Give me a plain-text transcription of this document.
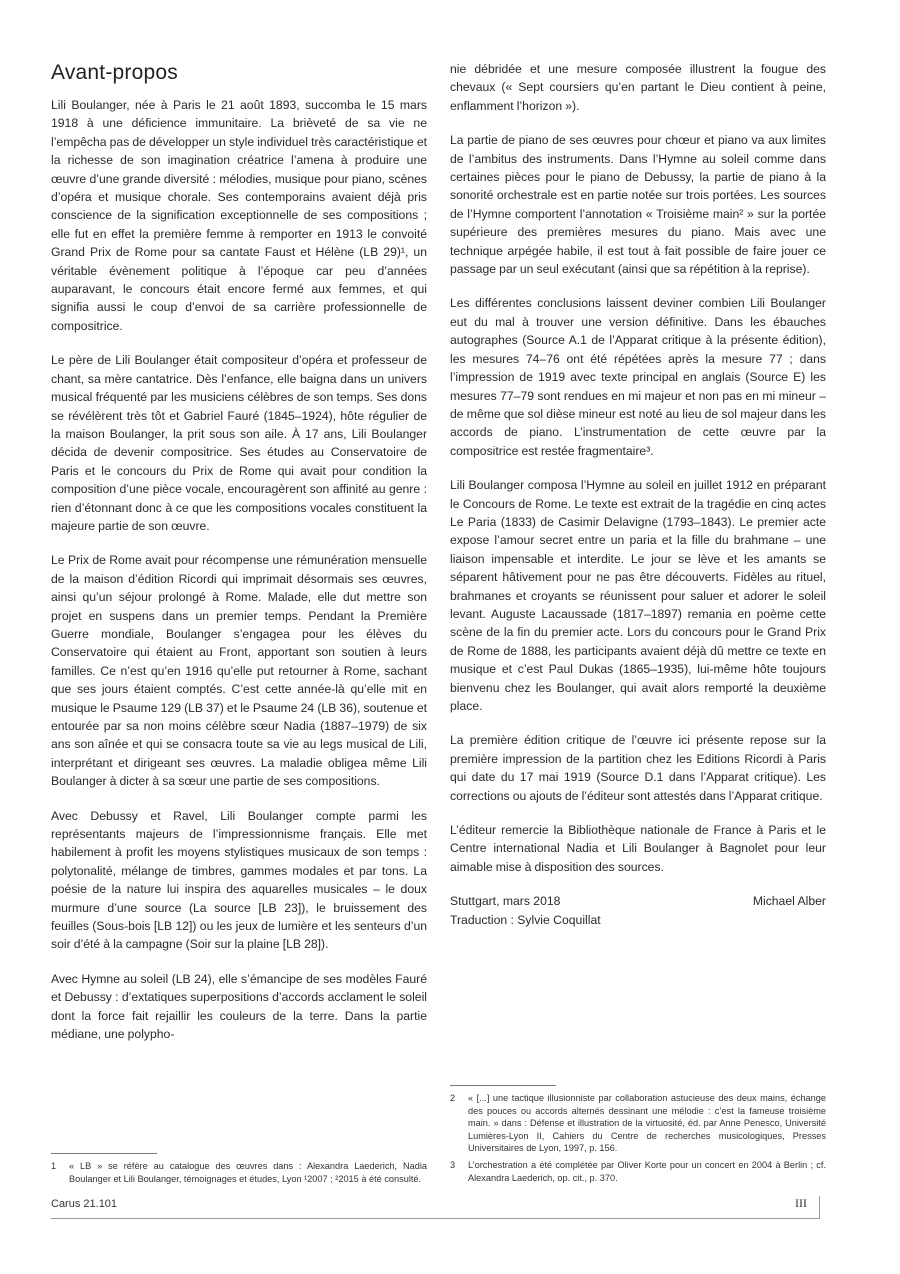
Avant-propos

Lili Boulanger, née à Paris le 21 août 1893, succomba le 15 mars 1918 à une déficience immunitaire. La brièveté de sa vie ne l’empêcha pas de développer un style individuel très caractéristique et la richesse de son imagination créatrice l’amena à produire une œuvre d’une grande diversité : mélodies, musique pour piano, scènes d’opéra et musique chorale. Ses contemporains avaient déjà pris conscience de la signification exceptionnelle de ses compositions ; elle fut en effet la première femme à remporter en 1913 le convoité Grand Prix de Rome pour sa cantate Faust et Hélène (LB 29)¹, un véritable évènement politique à l’époque car peu d’années auparavant, le concours était encore fermé aux femmes, et qui signifia aussi le coup d’envoi de sa carrière professionnelle de compositrice.

Le père de Lili Boulanger était compositeur d’opéra et professeur de chant, sa mère cantatrice. Dès l’enfance, elle baigna dans un univers musical fréquenté par les musiciens célèbres de son temps. Ses dons se révélèrent très tôt et Gabriel Fauré (1845–1924), hôte régulier de la maison Boulanger, la prit sous son aile. À 17 ans, Lili Boulanger décida de devenir compositrice. Ses études au Conservatoire de Paris et le concours du Prix de Rome qui avait pour condition la composition d’une pièce vocale, encouragèrent son affinité au genre : rien d’étonnant donc à ce que les compositions vocales constituent la majeure partie de son œuvre.

Le Prix de Rome avait pour récompense une rémunération mensuelle de la maison d’édition Ricordi qui imprimait désormais ses œuvres, ainsi qu’un séjour prolongé à Rome. Malade, elle dut mettre son projet en suspens dans un premier temps. Pendant la Première Guerre mondiale, Boulanger s’engagea pour les élèves du Conservatoire qui étaient au Front, apportant son soutien à leurs familles. Ce n’est qu’en 1916 qu’elle put retourner à Rome, sachant que ses jours étaient comptés. C’est cette année-là qu’elle mit en musique le Psaume 129 (LB 37) et le Psaume 24 (LB 36), soutenue et entourée par sa non moins célèbre sœur Nadia (1887–1979) de six ans son aînée et qui se consacra toute sa vie au legs musical de Lili, interprétant et dirigeant ses œuvres. La maladie obligea même Lili Boulanger à dicter à sa sœur une partie de ses compositions.

Avec Debussy et Ravel, Lili Boulanger compte parmi les représentants majeurs de l’impressionnisme français. Elle met habilement à profit les moyens stylistiques musicaux de son temps : polytonalité, mélange de timbres, gammes modales et par tons. La poésie de la nature lui inspira des aquarelles musicales – le doux murmure d’une source (La source [LB 23]), le bruissement des feuilles (Sous-bois [LB 12]) ou les jeux de lumière et les senteurs d’un soir d’été à la campagne (Soir sur la plaine [LB 28]).

Avec Hymne au soleil (LB 24), elle s’émancipe de ses modèles Fauré et Debussy : d’extatiques superpositions d’accords acclament le soleil dont la force fait rejaillir les couleurs de la terre. Dans la partie médiane, une polypho-

nie débridée et une mesure composée illustrent la fougue des chevaux (« Sept coursiers qu’en partant le Dieu contient à peine, enflamment l’horizon »).

La partie de piano de ses œuvres pour chœur et piano va aux limites de l’ambitus des instruments. Dans l’Hymne au soleil comme dans certaines pièces pour le piano de Debussy, la partie de piano à la sonorité orchestrale est en partie notée sur trois portées. Les sources de l’Hymne comportent l’annotation « Troisième main² » sur la portée supérieure des premières mesures du piano. Mais avec une technique arpégée habile, il est tout à fait possible de faire jouer ce passage par un seul exécutant (ainsi que sa répétition à la reprise).

Les différentes conclusions laissent deviner combien Lili Boulanger eut du mal à trouver une version définitive. Dans les ébauches autographes (Source A.1 de l’Apparat critique à la présente édition), les mesures 74–76 ont été répétées après la mesure 77 ; dans l’impression de 1919 avec texte principal en anglais (Source E) les mesures 77–79 sont rendues en mi majeur et non pas en mi mineur – de même que sol dièse mineur est noté au lieu de sol majeur dans les accords de piano. L’instrumentation de cette œuvre par la compositrice est restée fragmentaire³.

Lili Boulanger composa l’Hymne au soleil en juillet 1912 en préparant le Concours de Rome. Le texte est extrait de la tragédie en cinq actes Le Paria (1833) de Casimir Delavigne (1793–1843). Le premier acte expose l’amour secret entre un paria et la fille du brahmane – une liaison impensable et interdite. Le jour se lève et les amants se séparent hâtivement pour ne pas être découverts. Fidèles au rituel, brahmanes et croyants se réunissent pour saluer et adorer le soleil levant. Auguste Lacaussade (1817–1897) remania en poème cette scène de la fin du premier acte. Lors du concours pour le Grand Prix de Rome de 1888, les participants avaient déjà dû mettre ce texte en musique et c’est Paul Dukas (1865–1935), lui-même hôte toujours bienvenu chez les Boulanger, qui avait alors remporté la deuxième place.

La première édition critique de l’œuvre ici présente repose sur la première impression de la partition chez les Editions Ricordi à Paris qui date du 17 mai 1919 (Source D.1 dans l’Apparat critique). Les corrections ou ajouts de l’éditeur sont attestés dans l’Apparat critique.

L’éditeur remercie la Bibliothèque nationale de France à Paris et le Centre international Nadia et Lili Boulanger à Bagnolet pour leur aimable mise à disposition des sources.

Stuttgart, mars 2018	Michael Alber
Traduction : Sylvie Coquillat
1	« LB » se réfère au catalogue des œuvres dans : Alexandra Laederich, Nadia Boulanger et Lili Boulanger, témoignages et études, Lyon ¹2007 ; ²2015 à été consulté.
2	« [...] une tactique illusionniste par collaboration astucieuse des deux mains, échange des pouces ou accords alternés dessinant une mélodie : c’est la fameuse troisième main. » dans : Défense et illustration de la virtuosité, éd. par Anne Penesco, Université Lumières-Lyon II, Cahiers du Centre de recherches musicologiques, Presses Universitaires de Lyon, 1997, p. 156.
3	L’orchestration a été complétée par Oliver Korte pour un concert en 2004 à Berlin ; cf. Alexandra Laederich, op. cit., p. 370.
Carus 21.101	III
